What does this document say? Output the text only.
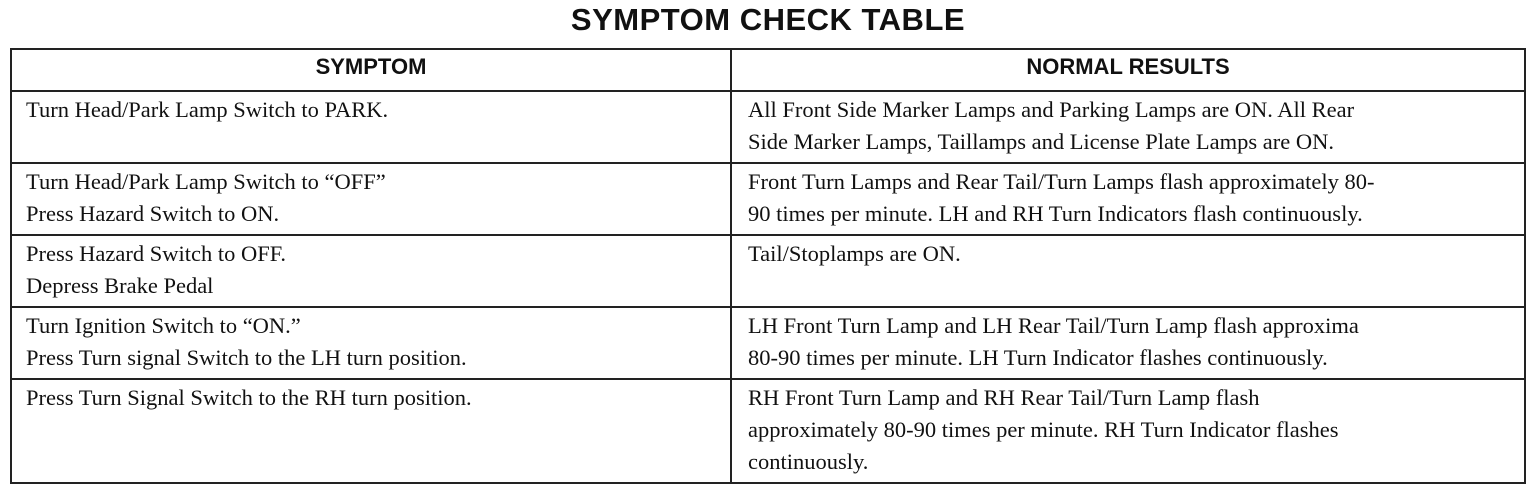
SYMPTOM CHECK TABLE
SYMPTOM	NORMAL RESULTS

Turn Head/Park Lamp Switch to PARK.	All Front Side Marker Lamps and Parking Lamps are ON. All Rear
Side Marker Lamps, Taillamps and License Plate Lamps are ON.

Turn Head/Park Lamp Switch to “OFF”
Press Hazard Switch to ON.	Front Turn Lamps and Rear Tail/Turn Lamps flash approximately 80-
90 times per minute. LH and RH Turn Indicators flash continuously.

Press Hazard Switch to OFF.
Depress Brake Pedal	Tail/Stoplamps are ON.

Turn Ignition Switch to “ON.”
Press Turn signal Switch to the LH turn position.	LH Front Turn Lamp and LH Rear Tail/Turn Lamp flash approxima
80-90 times per minute. LH Turn Indicator flashes continuously.

Press Turn Signal Switch to the RH turn position.	RH Front Turn Lamp and RH Rear Tail/Turn Lamp flash
approximately 80-90 times per minute. RH Turn Indicator flashes
continuously.
